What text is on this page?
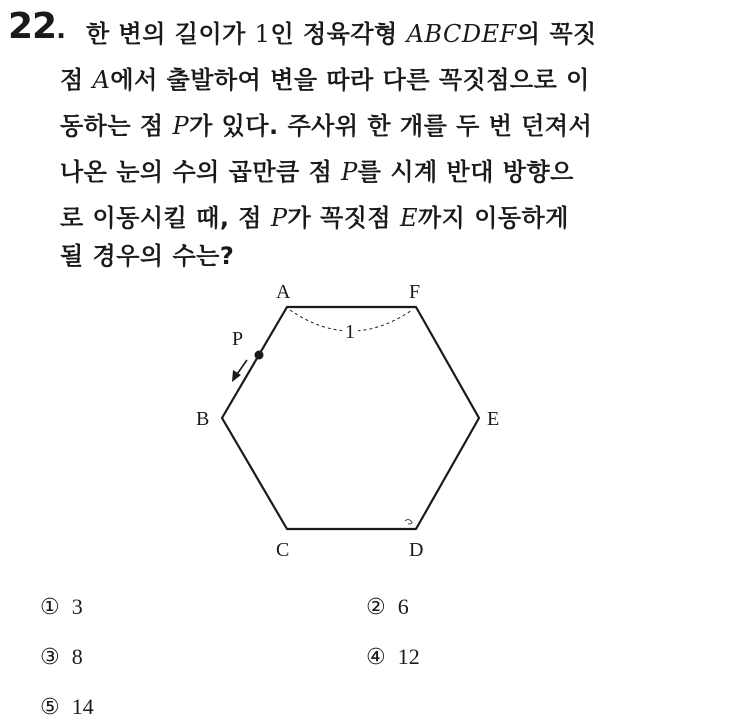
22. 한 변의 길이가 1인 정육각형 ABCDEF의 꼭짓
점 A에서 출발하여 변을 따라 다른 꼭짓점으로 이
동하는 점 P가 있다. 주사위 한 개를 두 번 던져서
나온 눈의 수의 곱만큼 점 P를 시계 반대 방향으
로 이동시킬 때, 점 P가 꼭짓점 E까지 이동하게
될 경우의 수는?
1
P
A	F
B	E
C	D
① 3	② 6
③ 8	④ 12
⑤ 14
